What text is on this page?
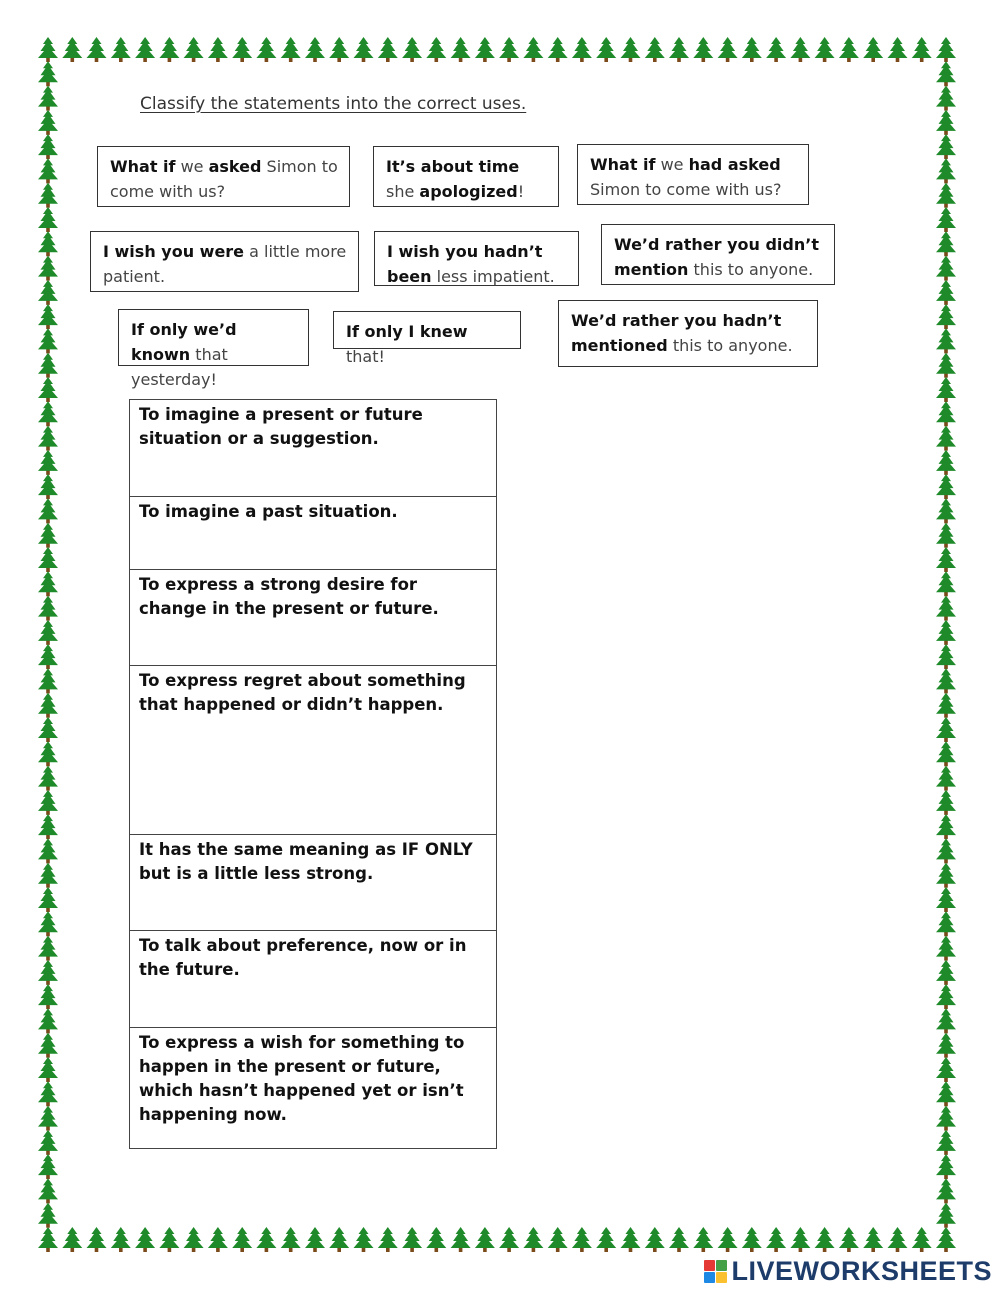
Classify the statements into the correct uses.
What if we asked Simon to come with us?
It’s about time she apologized!
What if we had asked Simon to come with us?
I wish you were a little more patient.
I wish you hadn’t been less impatient.
We’d rather you didn’t mention this to anyone.
If only we’d known that yesterday!
If only I knew that!
We’d rather you hadn’t mentioned this to anyone.
To imagine a present or future situation or a suggestion.
To imagine a past situation.
To express a strong desire for change in the present or future.
To express regret about something that happened or didn’t happen.
It has the same meaning as IF ONLY but is a little less strong.
To talk about preference, now or in the future.
To express a wish for something to happen in the present or future, which hasn’t happened yet or isn’t happening now.
LIVEWORKSHEETS
